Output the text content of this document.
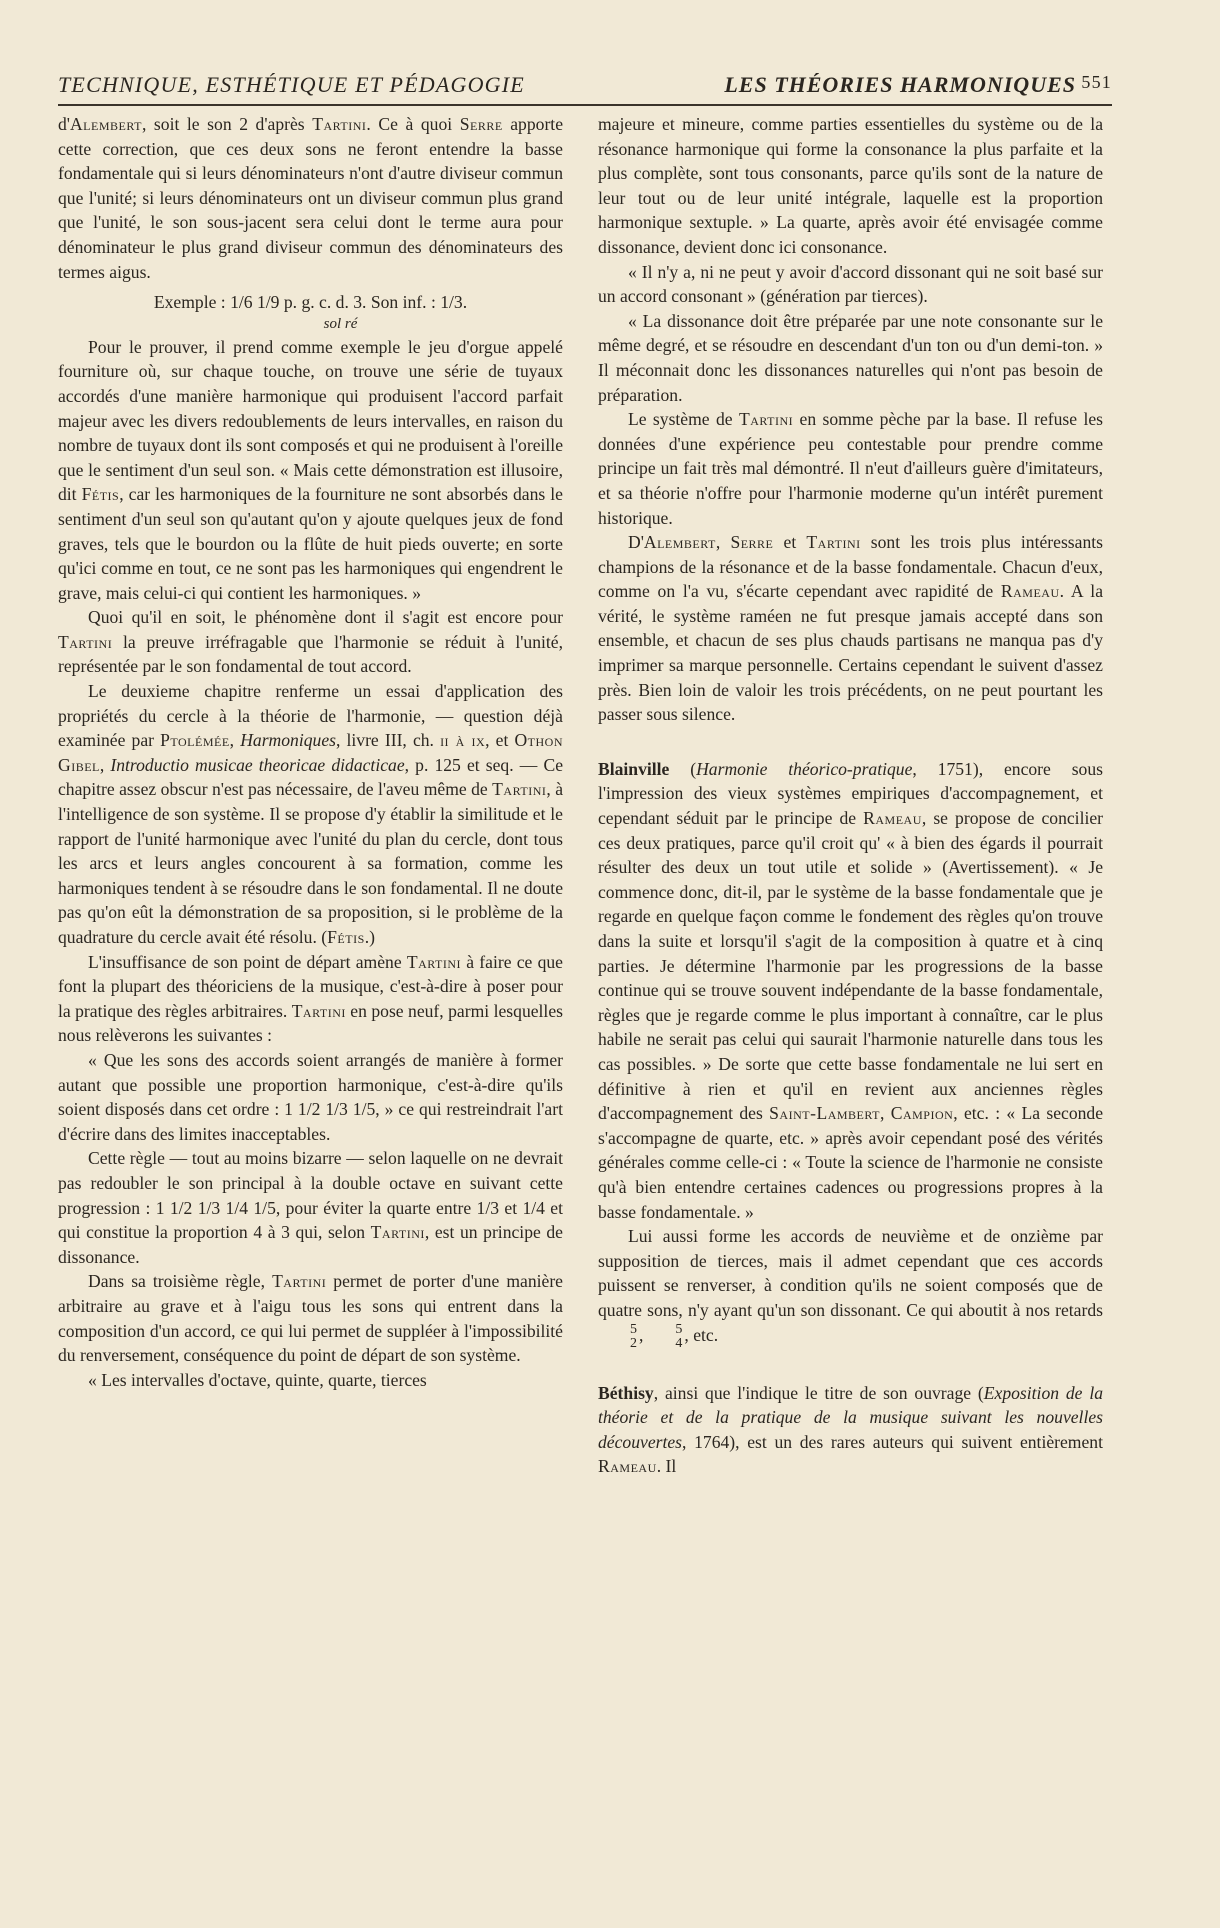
TECHNIQUE, ESTHÉTIQUE ET PÉDAGOGIE	LES THÉORIES HARMONIQUES 551

d'Alembert, soit le son 2 d'après Tartini. Ce à quoi Serre apporte cette correction, que ces deux sons ne feront entendre la basse fondamentale qui si leurs dénominateurs n'ont d'autre diviseur commun que l'unité; si leurs dénominateurs ont un diviseur commun plus grand que l'unité, le son sous-jacent sera celui dont le terme aura pour dénominateur le plus grand diviseur commun des dénominateurs des termes aigus.

Exemple : 1/6 1/9 p. g. c. d. 3. Son inf. : 1/3.
sol ré

Pour le prouver, il prend comme exemple le jeu d'orgue appelé fourniture où, sur chaque touche, on trouve une série de tuyaux accordés d'une manière harmonique qui produisent l'accord parfait majeur avec les divers redoublements de leurs intervalles, en raison du nombre de tuyaux dont ils sont composés et qui ne produisent à l'oreille que le sentiment d'un seul son. « Mais cette démonstration est illusoire, dit Fétis, car les harmoniques de la fourniture ne sont absorbés dans le sentiment d'un seul son qu'autant qu'on y ajoute quelques jeux de fond graves, tels que le bourdon ou la flûte de huit pieds ouverte; en sorte qu'ici comme en tout, ce ne sont pas les harmoniques qui engendrent le grave, mais celui-ci qui contient les harmoniques. »

Quoi qu'il en soit, le phénomène dont il s'agit est encore pour Tartini la preuve irréfragable que l'harmonie se réduit à l'unité, représentée par le son fondamental de tout accord.

Le deuxieme chapitre renferme un essai d'application des propriétés du cercle à la théorie de l'harmonie, — question déjà examinée par Ptolémée, Harmoniques, livre III, ch. ii à ix, et Othon Gibel, Introductio musicae theoricae didacticae, p. 125 et seq. — Ce chapitre assez obscur n'est pas nécessaire, de l'aveu même de Tartini, à l'intelligence de son système. Il se propose d'y établir la similitude et le rapport de l'unité harmonique avec l'unité du plan du cercle, dont tous les arcs et leurs angles concourent à sa formation, comme les harmoniques tendent à se résoudre dans le son fondamental. Il ne doute pas qu'on eût la démonstration de sa proposition, si le problème de la quadrature du cercle avait été résolu. (Fétis.)

L'insuffisance de son point de départ amène Tartini à faire ce que font la plupart des théoriciens de la musique, c'est-à-dire à poser pour la pratique des règles arbitraires. Tartini en pose neuf, parmi lesquelles nous relèverons les suivantes :

« Que les sons des accords soient arrangés de manière à former autant que possible une proportion harmonique, c'est-à-dire qu'ils soient disposés dans cet ordre : 1 1/2 1/3 1/5, » ce qui restreindrait l'art d'écrire dans des limites inacceptables.

Cette règle — tout au moins bizarre — selon laquelle on ne devrait pas redoubler le son principal à la double octave en suivant cette progression : 1 1/2 1/3 1/4 1/5, pour éviter la quarte entre 1/3 et 1/4 et qui constitue la proportion 4 à 3 qui, selon Tartini, est un principe de dissonance.

Dans sa troisième règle, Tartini permet de porter d'une manière arbitraire au grave et à l'aigu tous les sons qui entrent dans la composition d'un accord, ce qui lui permet de suppléer à l'impossibilité du renversement, conséquence du point de départ de son système.

« Les intervalles d'octave, quinte, quarte, tierces

majeure et mineure, comme parties essentielles du système ou de la résonance harmonique qui forme la consonance la plus parfaite et la plus complète, sont tous consonants, parce qu'ils sont de la nature de leur tout ou de leur unité intégrale, laquelle est la proportion harmonique sextuple. » La quarte, après avoir été envisagée comme dissonance, devient donc ici consonance.

« Il n'y a, ni ne peut y avoir d'accord dissonant qui ne soit basé sur un accord consonant » (génération par tierces).

« La dissonance doit être préparée par une note consonante sur le même degré, et se résoudre en descendant d'un ton ou d'un demi-ton. » Il méconnait donc les dissonances naturelles qui n'ont pas besoin de préparation.

Le système de Tartini en somme pèche par la base. Il refuse les données d'une expérience peu contestable pour prendre comme principe un fait très mal démontré. Il n'eut d'ailleurs guère d'imitateurs, et sa théorie n'offre pour l'harmonie moderne qu'un intérêt purement historique.

D'Alembert, Serre et Tartini sont les trois plus intéressants champions de la résonance et de la basse fondamentale. Chacun d'eux, comme on l'a vu, s'écarte cependant avec rapidité de Rameau. A la vérité, le système raméen ne fut presque jamais accepté dans son ensemble, et chacun de ses plus chauds partisans ne manqua pas d'y imprimer sa marque personnelle. Certains cependant le suivent d'assez près. Bien loin de valoir les trois précédents, on ne peut pourtant les passer sous silence.

Blainville (Harmonie théorico-pratique, 1751), encore sous l'impression des vieux systèmes empiriques d'accompagnement, et cependant séduit par le principe de Rameau, se propose de concilier ces deux pratiques, parce qu'il croit qu' « à bien des égards il pourrait résulter des deux un tout utile et solide » (Avertissement). « Je commence donc, dit-il, par le système de la basse fondamentale que je regarde en quelque façon comme le fondement des règles qu'on trouve dans la suite et lorsqu'il s'agit de la composition à quatre et à cinq parties. Je détermine l'harmonie par les progressions de la basse continue qui se trouve souvent indépendante de la basse fondamentale, règles que je regarde comme le plus important à connaître, car le plus habile ne serait pas celui qui saurait l'harmonie naturelle dans tous les cas possibles. » De sorte que cette basse fondamentale ne lui sert en définitive à rien et qu'il en revient aux anciennes règles d'accompagnement des Saint-Lambert, Campion, etc. : « La seconde s'accompagne de quarte, etc. » après avoir cependant posé des vérités générales comme celle-ci : « Toute la science de l'harmonie ne consiste qu'à bien entendre certaines cadences ou progressions propres à la basse fondamentale. »

Lui aussi forme les accords de neuvième et de onzième par supposition de tierces, mais il admet cependant que ces accords puissent se renverser, à condition qu'ils ne soient composés que de quatre sons, n'y ayant qu'un son dissonant. Ce qui aboutit à nos retards
5
2 ,	5
4 , etc.

Béthisy, ainsi que l'indique le titre de son ouvrage (Exposition de la théorie et de la pratique de la musique suivant les nouvelles découvertes, 1764), est un des rares auteurs qui suivent entièrement Rameau. Il
